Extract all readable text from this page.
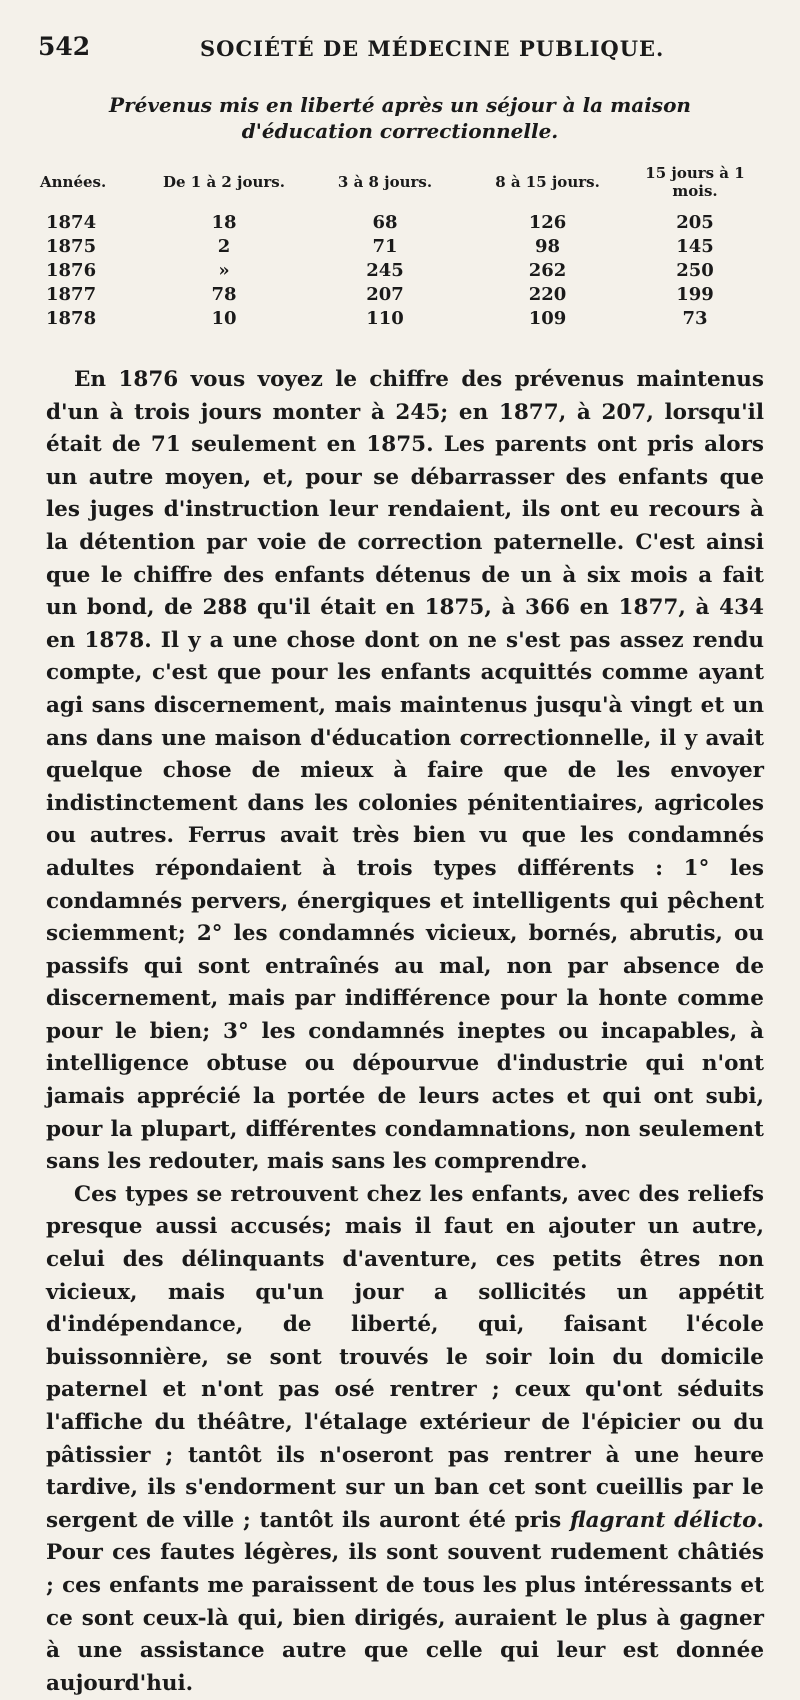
542	SOCIÉTÉ DE MÉDECINE PUBLIQUE.
Prévenus mis en liberté après un séjour à la maison
d'éducation correctionnelle.
Années.	De 1 à 2 jours.	3 à 8 jours.	8 à 15 jours.	15 jours à 1 mois.
1874	18	68	126	205
1875	2	71	98	145
1876	»	245	262	250
1877	78	207	220	199
1878	10	110	109	73

En 1876 vous voyez le chiffre des prévenus maintenus d'un à trois jours monter à 245; en 1877, à 207, lorsqu'il était de 71 seulement en 1875. Les parents ont pris alors un autre moyen, et, pour se débarrasser des enfants que les juges d'instruction leur rendaient, ils ont eu recours à la détention par voie de correction paternelle. C'est ainsi que le chiffre des enfants détenus de un à six mois a fait un bond, de 288 qu'il était en 1875, à 366 en 1877, à 434 en 1878. Il y a une chose dont on ne s'est pas assez rendu compte, c'est que pour les enfants acquittés comme ayant agi sans discernement, mais maintenus jusqu'à vingt et un ans dans une maison d'éducation correctionnelle, il y avait quelque chose de mieux à faire que de les envoyer indistinctement dans les colonies pénitentiaires, agricoles ou autres. Ferrus avait très bien vu que les condamnés adultes répondaient à trois types différents : 1° les condamnés pervers, énergiques et intelligents qui pêchent sciemment; 2° les condamnés vicieux, bornés, abrutis, ou passifs qui sont entraînés au mal, non par absence de discernement, mais par indifférence pour la honte comme pour le bien; 3° les condamnés ineptes ou incapables, à intelligence obtuse ou dépourvue d'industrie qui n'ont jamais apprécié la portée de leurs actes et qui ont subi, pour la plupart, différentes condamnations, non seulement sans les redouter, mais sans les comprendre.

Ces types se retrouvent chez les enfants, avec des reliefs presque aussi accusés; mais il faut en ajouter un autre, celui des délinquants d'aventure, ces petits êtres non vicieux, mais qu'un jour a sollicités un appétit d'indépendance, de liberté, qui, faisant l'école buissonnière, se sont trouvés le soir loin du domicile paternel et n'ont pas osé rentrer ; ceux qu'ont séduits l'affiche du théâtre, l'étalage extérieur de l'épicier ou du pâtissier ; tantôt ils n'oseront pas rentrer à une heure tardive, ils s'endorment sur un ban cet sont cueillis par le sergent de ville ; tantôt ils auront été pris flagrant délicto. Pour ces fautes légères, ils sont souvent rudement châtiés ; ces enfants me paraissent de tous les plus intéressants et ce sont ceux-là qui, bien dirigés, auraient le plus à gagner à une assistance autre que celle qui leur est donnée aujourd'hui.
